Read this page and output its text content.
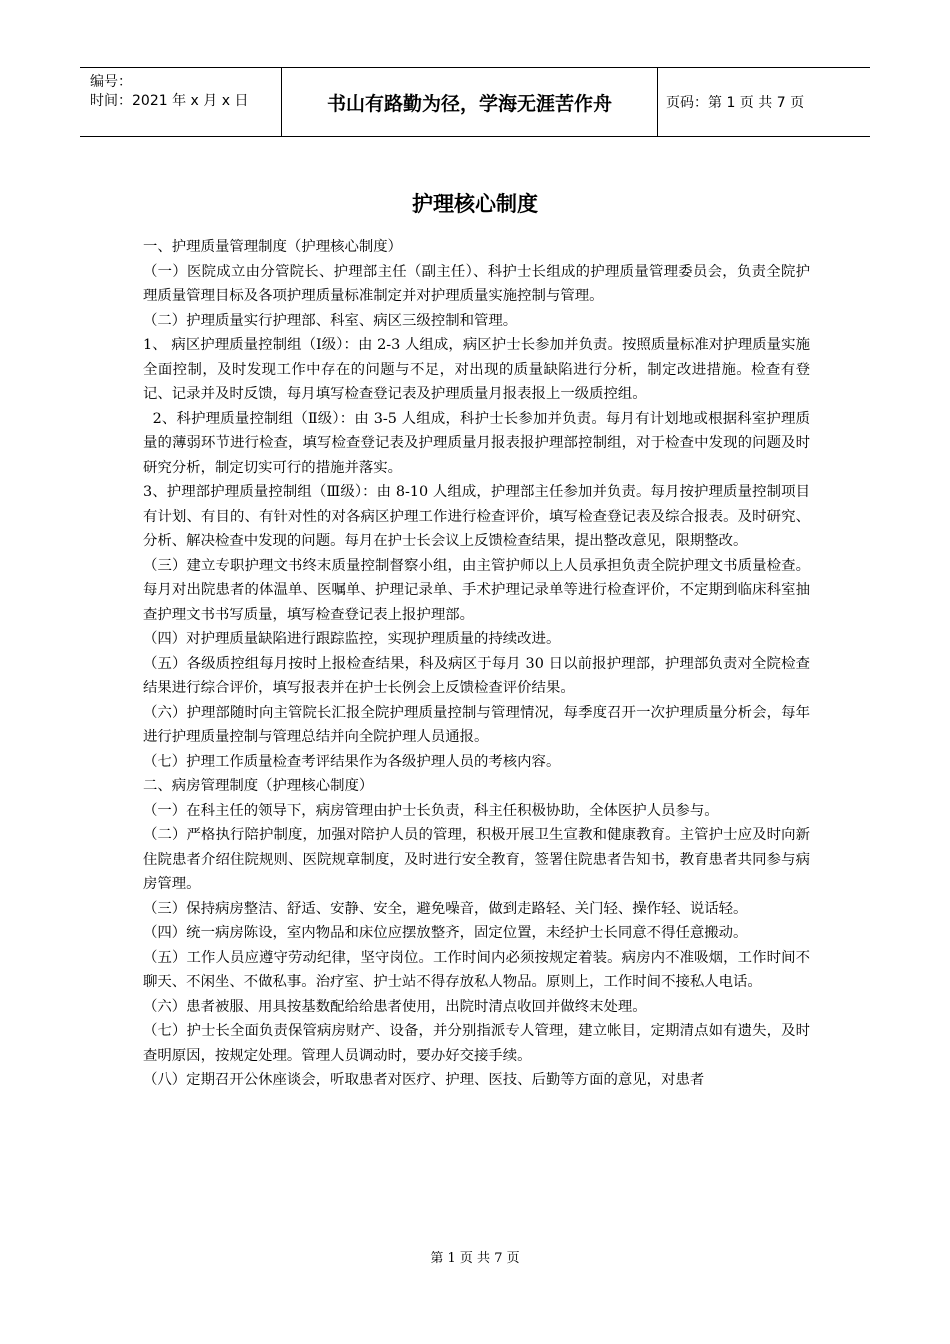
编号：
时间：2021 年 x 月 x 日	书山有路勤为径，学海无涯苦作舟	页码：第 1 页 共 7 页
护理核心制度

一、护理质量管理制度（护理核心制度）

（一）医院成立由分管院长、护理部主任（副主任）、科护士长组成的护理质量管理委员会，负责全院护理质量管理目标及各项护理质量标准制定并对护理质量实施控制与管理。

（二）护理质量实行护理部、科室、病区三级控制和管理。

1、 病区护理质量控制组（Ⅰ级）：由 2-3 人组成，病区护士长参加并负责。按照质量标准对护理质量实施全面控制，及时发现工作中存在的问题与不足，对出现的质量缺陷进行分析，制定改进措施。检查有登记、记录并及时反馈，每月填写检查登记表及护理质量月报表报上一级质控组。

2、科护理质量控制组（Ⅱ级）：由 3-5 人组成，科护士长参加并负责。每月有计划地或根据科室护理质量的薄弱环节进行检查，填写检查登记表及护理质量月报表报护理部控制组，对于检查中发现的问题及时研究分析，制定切实可行的措施并落实。

3、护理部护理质量控制组（Ⅲ级）：由 8-10 人组成，护理部主任参加并负责。每月按护理质量控制项目有计划、有目的、有针对性的对各病区护理工作进行检查评价，填写检查登记表及综合报表。及时研究、分析、解决检查中发现的问题。每月在护士长会议上反馈检查结果，提出整改意见，限期整改。

（三）建立专职护理文书终末质量控制督察小组，由主管护师以上人员承担负责全院护理文书质量检查。每月对出院患者的体温单、医嘱单、护理记录单、手术护理记录单等进行检查评价，不定期到临床科室抽查护理文书书写质量，填写检查登记表上报护理部。

（四）对护理质量缺陷进行跟踪监控，实现护理质量的持续改进。

（五）各级质控组每月按时上报检查结果，科及病区于每月 30 日以前报护理部，护理部负责对全院检查结果进行综合评价，填写报表并在护士长例会上反馈检查评价结果。

（六）护理部随时向主管院长汇报全院护理质量控制与管理情况，每季度召开一次护理质量分析会，每年进行护理质量控制与管理总结并向全院护理人员通报。

（七）护理工作质量检查考评结果作为各级护理人员的考核内容。

二、病房管理制度（护理核心制度）

（一）在科主任的领导下，病房管理由护士长负责，科主任积极协助，全体医护人员参与。

（二）严格执行陪护制度，加强对陪护人员的管理，积极开展卫生宣教和健康教育。主管护士应及时向新住院患者介绍住院规则、医院规章制度，及时进行安全教育，签署住院患者告知书，教育患者共同参与病房管理。

（三）保持病房整洁、舒适、安静、安全，避免噪音，做到走路轻、关门轻、操作轻、说话轻。

（四）统一病房陈设，室内物品和床位应摆放整齐，固定位置，未经护士长同意不得任意搬动。

（五）工作人员应遵守劳动纪律，坚守岗位。工作时间内必须按规定着装。病房内不准吸烟，工作时间不聊天、不闲坐、不做私事。治疗室、护士站不得存放私人物品。原则上，工作时间不接私人电话。

（六）患者被服、用具按基数配给给患者使用，出院时清点收回并做终末处理。

（七）护士长全面负责保管病房财产、设备，并分别指派专人管理，建立帐目，定期清点如有遗失，及时查明原因，按规定处理。管理人员调动时，要办好交接手续。

（八）定期召开公休座谈会，听取患者对医疗、护理、医技、后勤等方面的意见，对患者

第 1 页 共 7 页
